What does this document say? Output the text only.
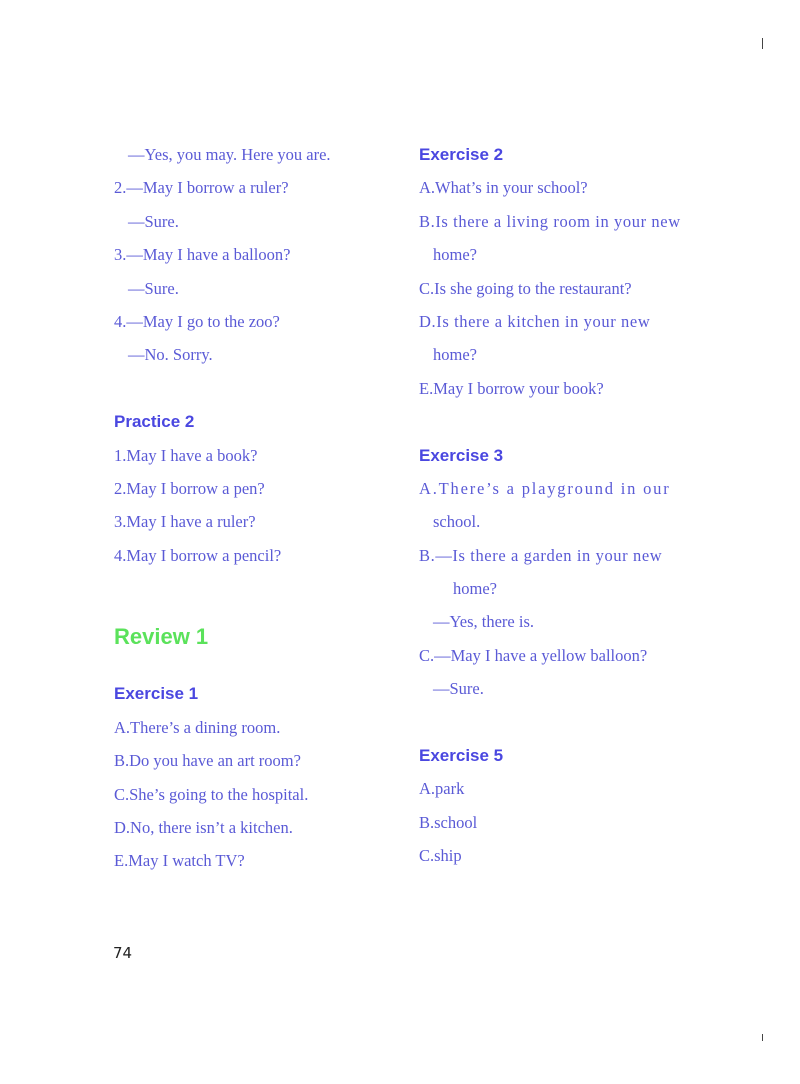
—Yes, you may. Here you are.
2.—May I borrow a ruler?
—Sure.
3.—May I have a balloon?
—Sure.
4.—May I go to the zoo?
—No. Sorry.
Practice 2
1.May I have a book?
2.May I borrow a pen?
3.May I have a ruler?
4.May I borrow a pencil?
Review 1
Exercise 1
A.There’s a dining room.
B.Do you have an art room?
C.She’s going to the hospital.
D.No, there isn’t a kitchen.
E.May I watch TV?
Exercise 2
A.What’s in your school?
B.Is there a living room in your new
home?
C.Is she going to the restaurant?
D.Is there a kitchen in your new
home?
E.May I borrow your book?
Exercise 3
A.There’s a playground in our
school.
B.—Is there a garden in your new
home?
—Yes, there is.
C.—May I have a yellow balloon?
—Sure.
Exercise 5
A.park
B.school
C.ship
74
